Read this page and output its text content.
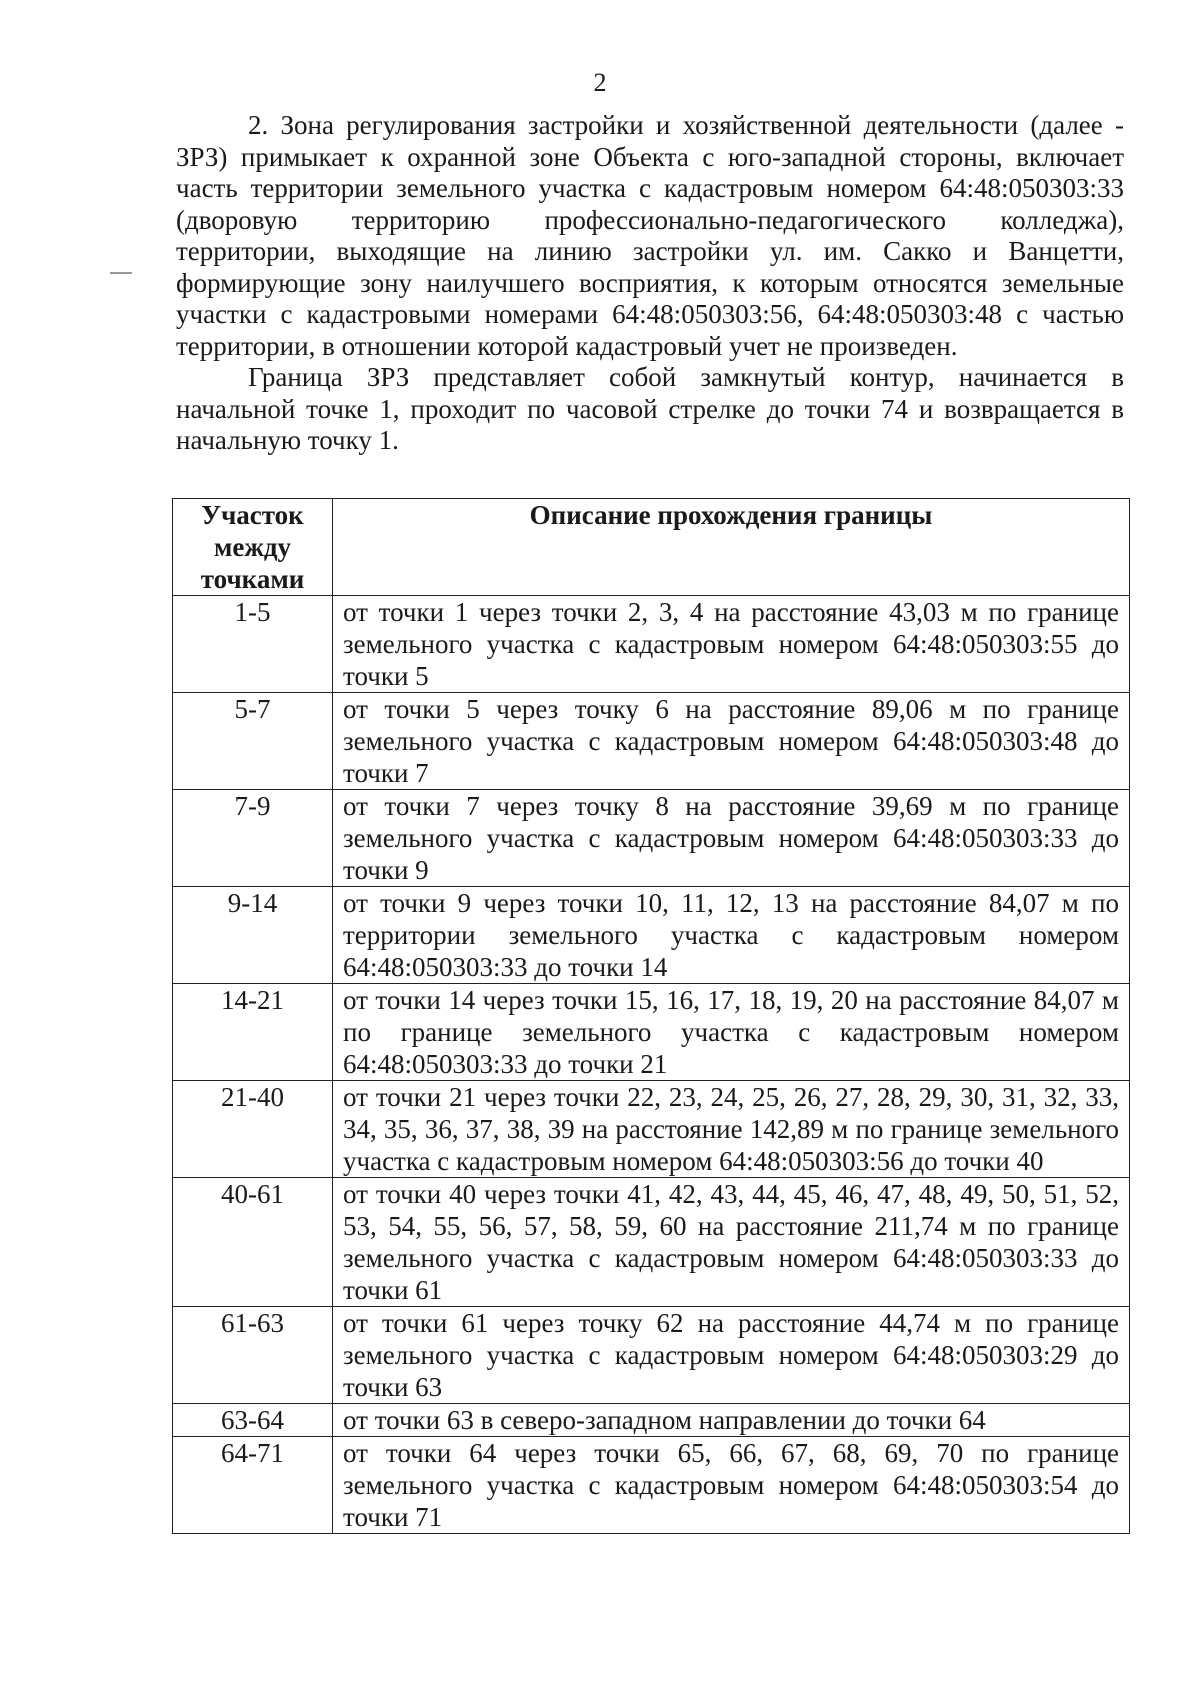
2

2. Зона регулирования застройки и хозяйственной деятельности (далее - ЗРЗ) примыкает к охранной зоне Объекта с юго-западной стороны, включает часть территории земельного участка с кадастровым номером 64:48:050303:33 (дворовую территорию профессионально-педагогического колледжа), территории, выходящие на линию застройки ул. им. Сакко и Ванцетти, формирующие зону наилучшего восприятия, к которым относятся земельные участки с кадастровыми номерами 64:48:050303:56, 64:48:050303:48 с частью территории, в отношении которой кадастровый учет не произведен.

Граница ЗРЗ представляет собой замкнутый контур, начинается в начальной точке 1, проходит по часовой стрелке до точки 74 и возвращается в начальную точку 1.

Участок между точками	Описание прохождения границы
1-5	от точки 1 через точки 2, 3, 4 на расстояние 43,03 м по границе земельного участка с кадастровым номером 64:48:050303:55 до точки 5
5-7	от точки 5 через точку 6 на расстояние 89,06 м по границе земельного участка с кадастровым номером 64:48:050303:48 до точки 7
7-9	от точки 7 через точку 8 на расстояние 39,69 м по границе земельного участка с кадастровым номером 64:48:050303:33 до точки 9
9-14	от точки 9 через точки 10, 11, 12, 13 на расстояние 84,07 м по территории земельного участка с кадастровым номером 64:48:050303:33 до точки 14
14-21	от точки 14 через точки 15, 16, 17, 18, 19, 20 на расстояние 84,07 м по границе земельного участка с кадастровым номером 64:48:050303:33 до точки 21
21-40	от точки 21 через точки 22, 23, 24, 25, 26, 27, 28, 29, 30, 31, 32, 33, 34, 35, 36, 37, 38, 39 на расстояние 142,89 м по границе земельного участка с кадастровым номером 64:48:050303:56 до точки 40
40-61	от точки 40 через точки 41, 42, 43, 44, 45, 46, 47, 48, 49, 50, 51, 52, 53, 54, 55, 56, 57, 58, 59, 60 на расстояние 211,74 м по границе земельного участка с кадастровым номером 64:48:050303:33 до точки 61
61-63	от точки 61 через точку 62 на расстояние 44,74 м по границе земельного участка с кадастровым номером 64:48:050303:29 до точки 63
63-64	от точки 63 в северо-западном направлении до точки 64
64-71	от точки 64 через точки 65, 66, 67, 68, 69, 70 по границе земельного участка с кадастровым номером 64:48:050303:54 до точки 71
